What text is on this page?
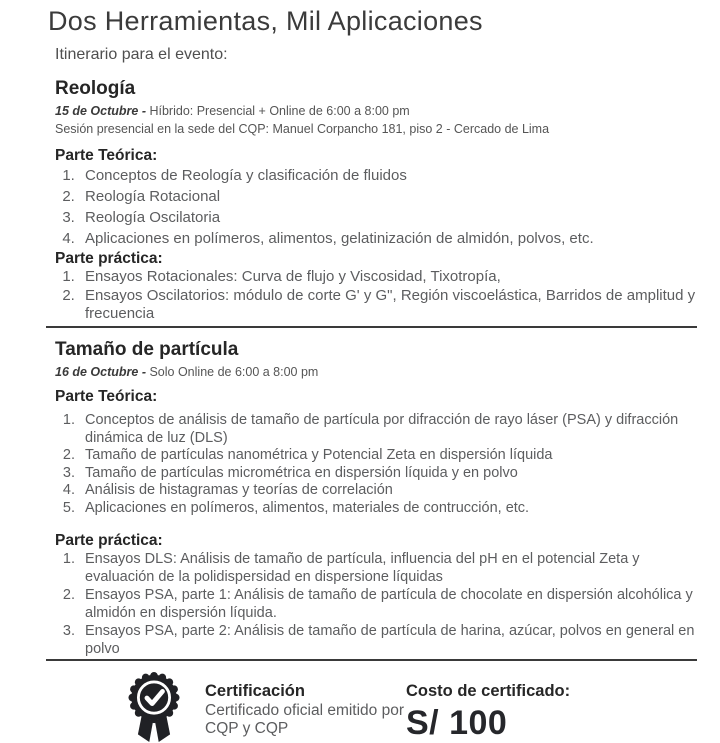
Dos Herramientas, Mil Aplicaciones
Itinerario para el evento:
Reología
15 de Octubre - Híbrido: Presencial + Online de 6:00 a 8:00 pm
Sesión presencial en la sede del CQP: Manuel Corpancho 181, piso 2 - Cercado de Lima
Parte Teórica:
1. Conceptos de Reología y clasificación de fluidos
2. Reología Rotacional
3. Reología Oscilatoria
4. Aplicaciones en polímeros, alimentos, gelatinización de almidón, polvos, etc.
Parte práctica:
1. Ensayos Rotacionales: Curva de flujo y Viscosidad, Tixotropía,
2. Ensayos Oscilatorios: módulo de corte G' y G", Región viscoelástica, Barridos de amplitud y frecuencia
Tamaño de partícula
16 de Octubre - Solo Online de 6:00 a 8:00 pm
Parte Teórica:
1. Conceptos de análisis de tamaño de partícula por difracción de rayo láser (PSA) y difracción dinámica de luz (DLS)
2. Tamaño de partículas nanométrica y Potencial Zeta en dispersión líquida
3. Tamaño de partículas micrométrica en dispersión líquida y en polvo
4. Análisis de histagramas y teorías de correlación
5. Aplicaciones en polímeros, alimentos, materiales de contrucción, etc.
Parte práctica:
1. Ensayos DLS: Análisis de tamaño de partícula, influencia del pH en el potencial Zeta y evaluación de la polidispersidad en dispersione líquidas
2. Ensayos PSA, parte 1: Análisis de tamaño de partícula de chocolate en dispersión alcohólica y almidón en dispersión líquida.
3. Ensayos PSA, parte 2: Análisis de tamaño de partícula de harina, azúcar, polvos en general en polvo
Certificación
Certificado oficial emitido por
CQP y CQP
Costo de certificado:
S/ 100
